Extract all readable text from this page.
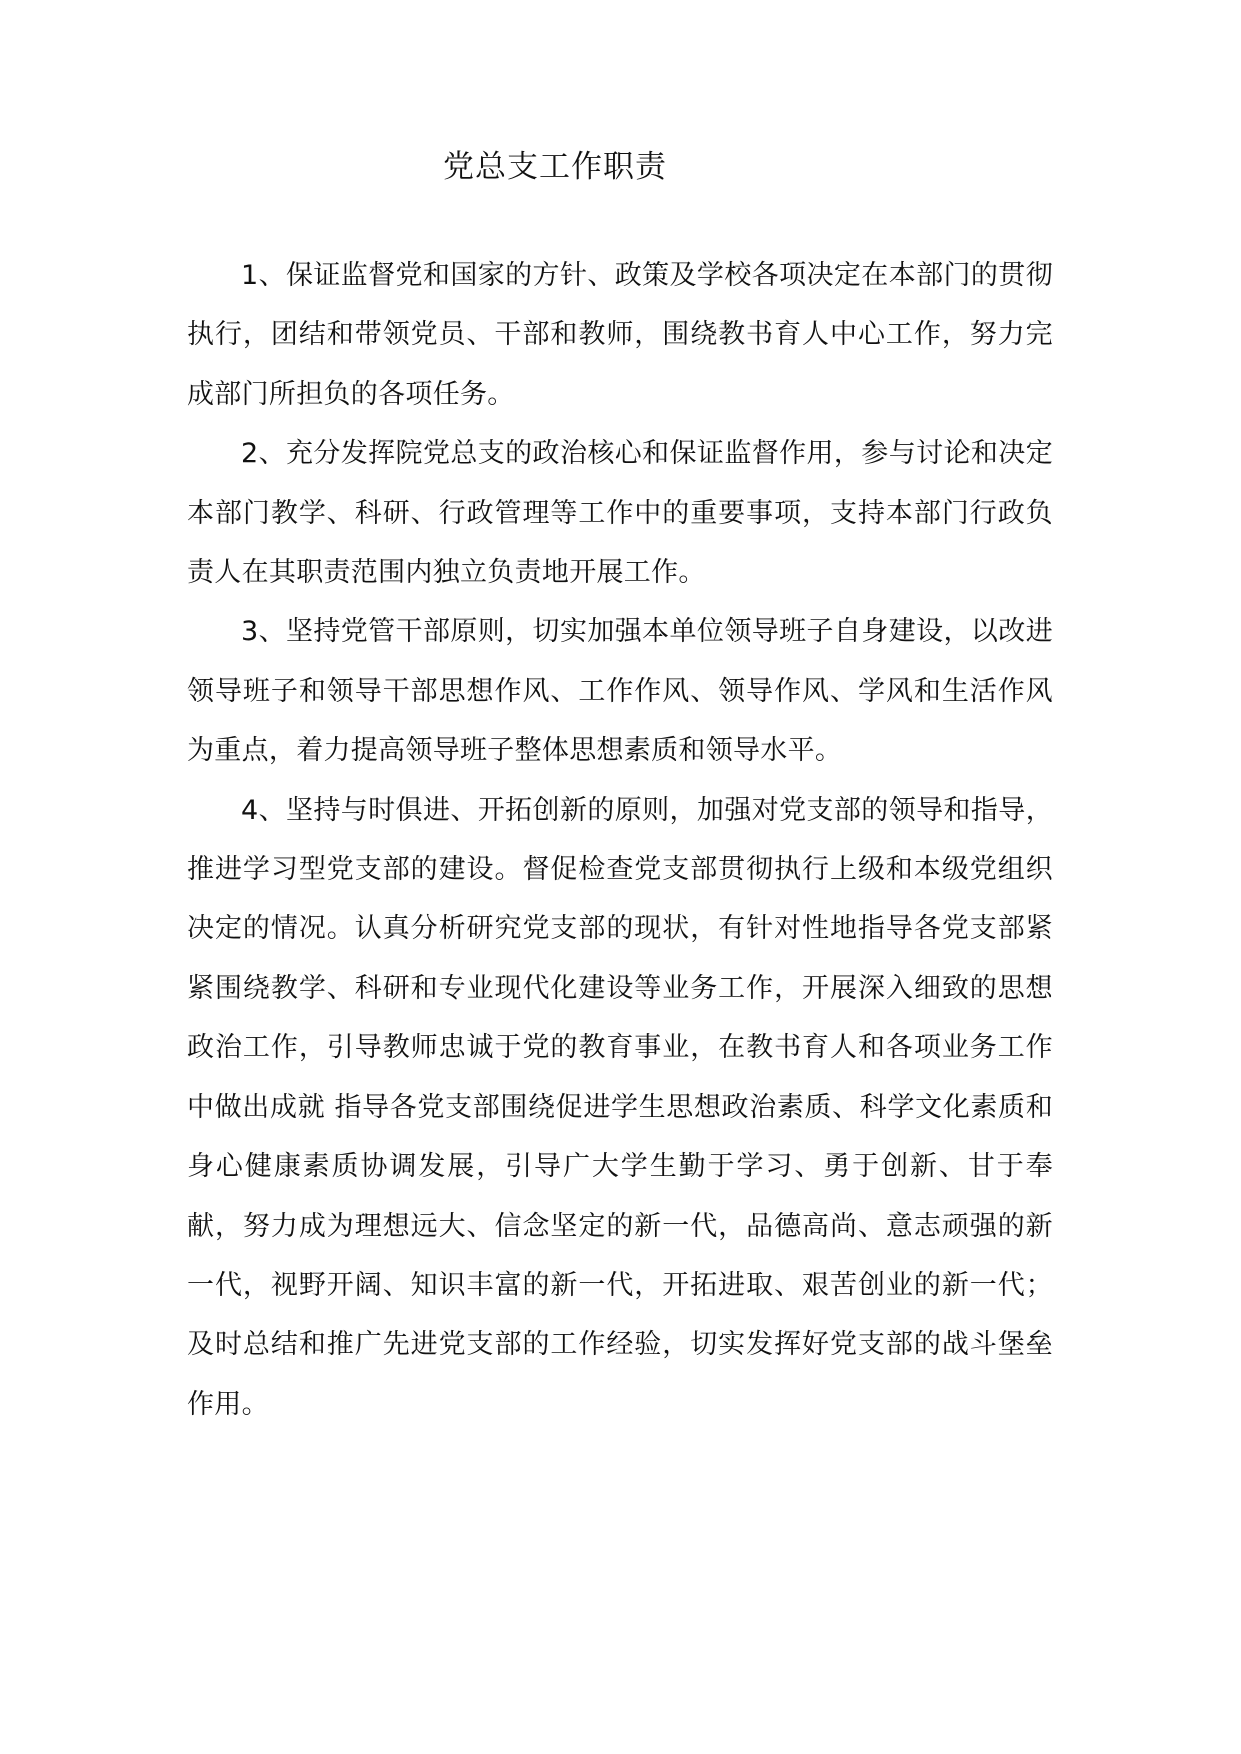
党总支工作职责

1、保证监督党和国家的方针、政策及学校各项决定在本部门的贯彻执行，团结和带领党员、干部和教师，围绕教书育人中心工作，努力完成部门所担负的各项任务。

2、充分发挥院党总支的政治核心和保证监督作用，参与讨论和决定本部门教学、科研、行政管理等工作中的重要事项，支持本部门行政负责人在其职责范围内独立负责地开展工作。

3、坚持党管干部原则，切实加强本单位领导班子自身建设，以改进领导班子和领导干部思想作风、工作作风、领导作风、学风和生活作风为重点，着力提高领导班子整体思想素质和领导水平。

4、坚持与时俱进、开拓创新的原则，加强对党支部的领导和指导，推进学习型党支部的建设。督促检查党支部贯彻执行上级和本级党组织决定的情况。认真分析研究党支部的现状，有针对性地指导各党支部紧紧围绕教学、科研和专业现代化建设等业务工作，开展深入细致的思想政治工作，引导教师忠诚于党的教育事业，在教书育人和各项业务工作中做出成就 指导各党支部围绕促进学生思想政治素质、科学文化素质和身心健康素质协调发展，引导广大学生勤于学习、勇于创新、甘于奉献，努力成为理想远大、信念坚定的新一代，品德高尚、意志顽强的新一代，视野开阔、知识丰富的新一代，开拓进取、艰苦创业的新一代；及时总结和推广先进党支部的工作经验，切实发挥好党支部的战斗堡垒作用。
